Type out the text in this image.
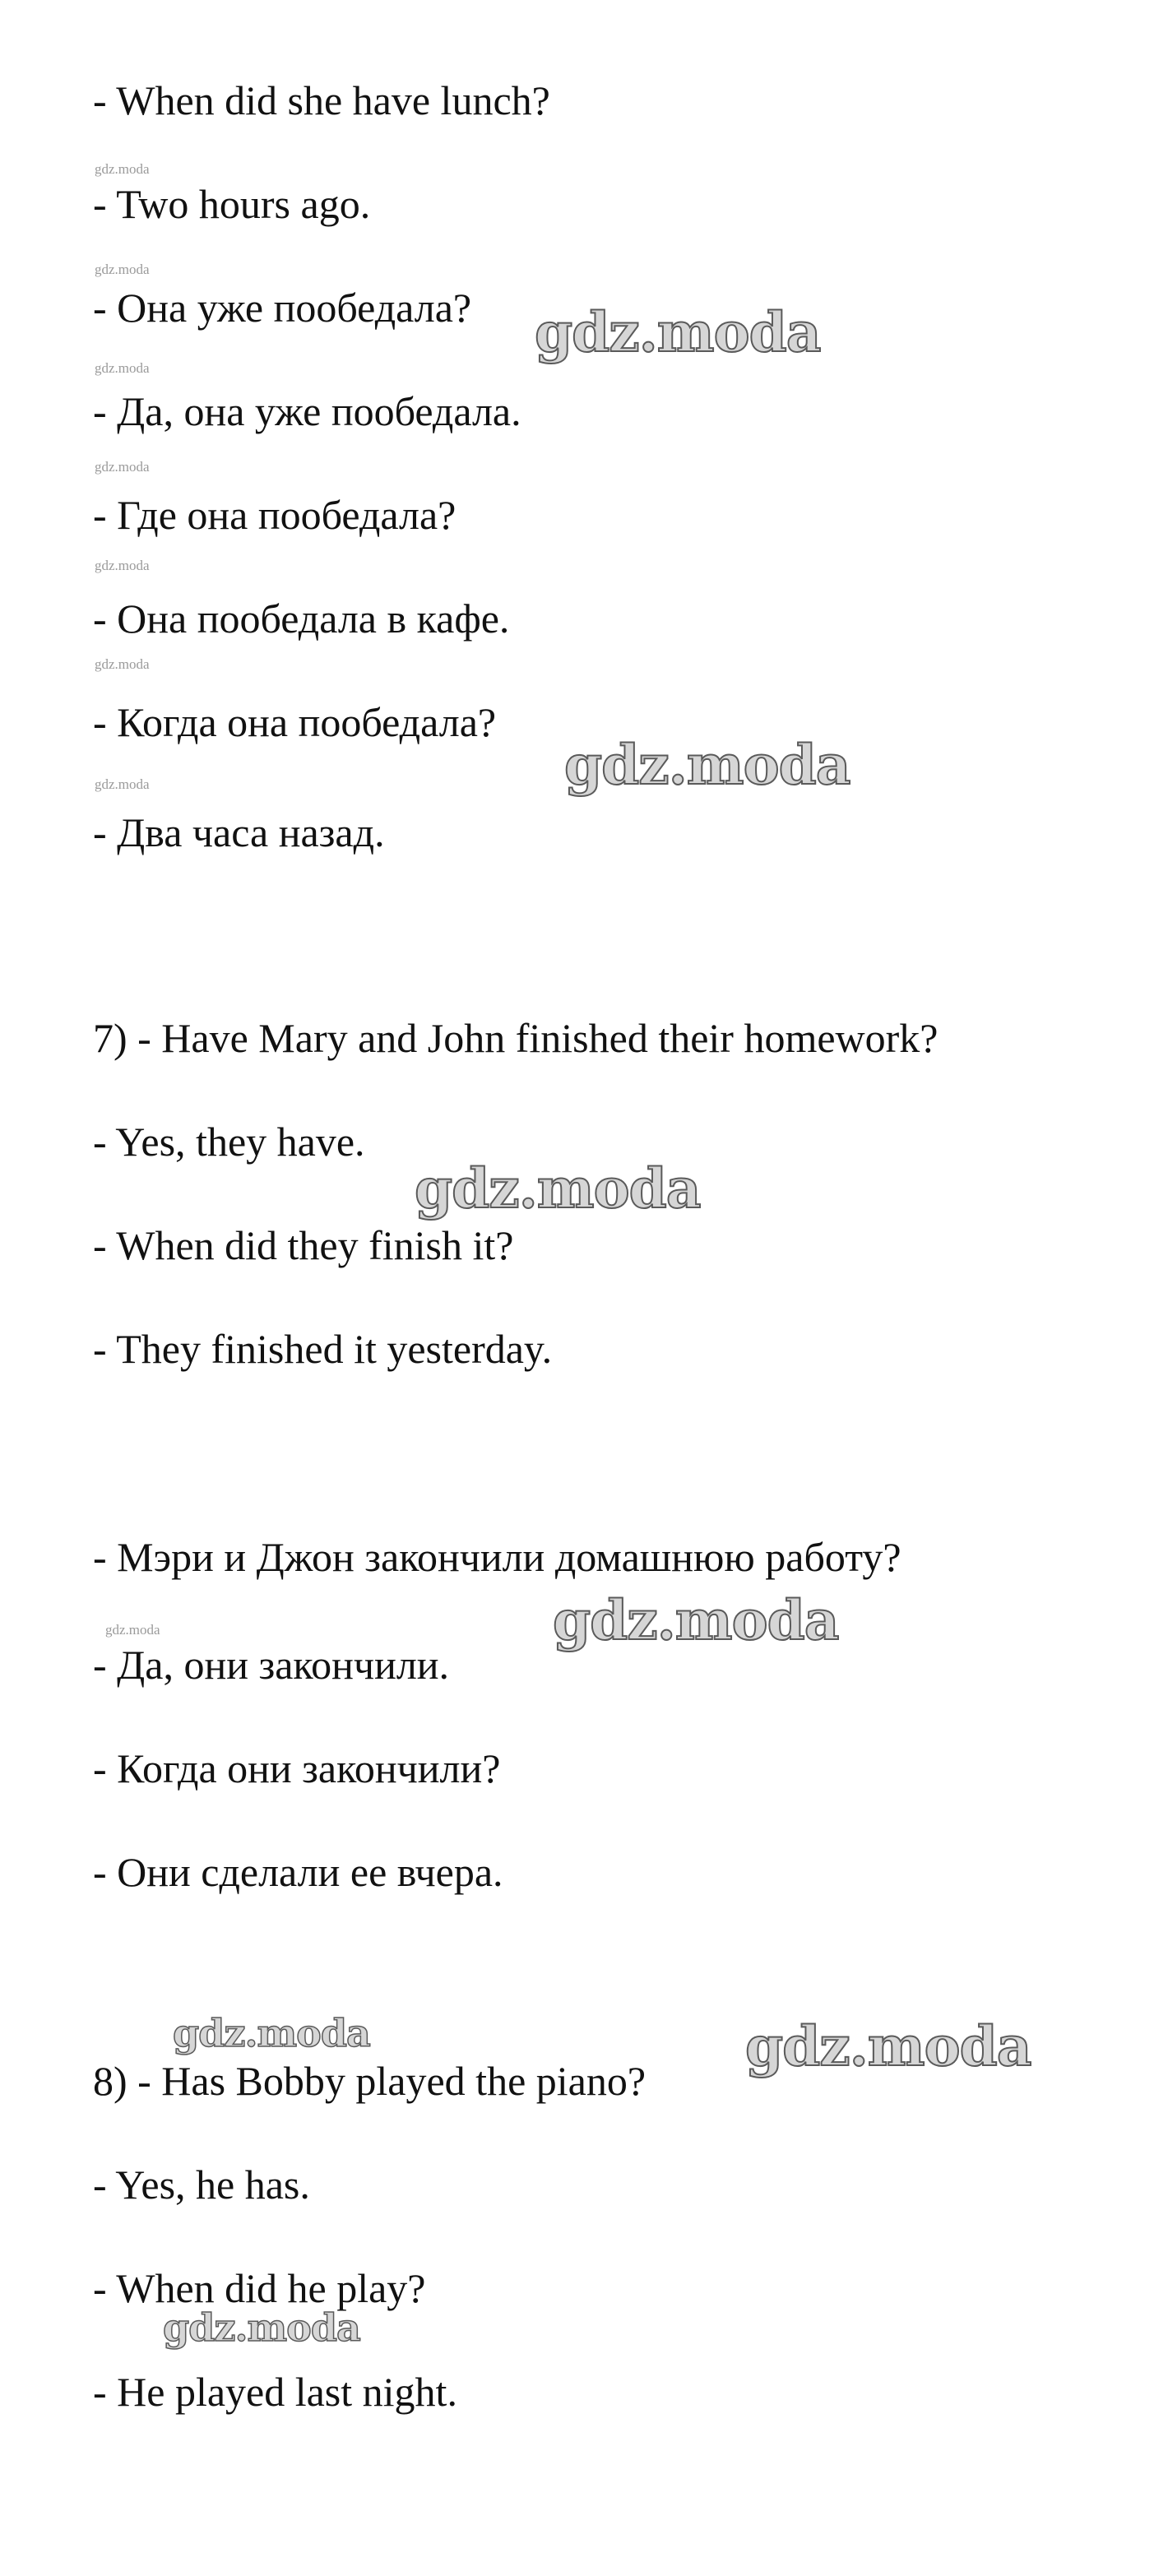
- When did she have lunch?
- Two hours ago.
- Она уже пообедала?
- Да, она уже пообедала.
- Где она пообедала?
- Она пообедала в кафе.
- Когда она пообедала?
- Два часа назад.
7) - Have Mary and John finished their homework?
- Yes, they have.
- When did they finish it?
- They finished it yesterday.
- Мэри и Джон закончили домашнюю работу?
- Да, они закончили.
- Когда они закончили?
- Они сделали ее вчера.
8) - Has Bobby played the piano?
- Yes, he has.
- When did he play?
- He played last night.
gdz.moda
gdz.moda
gdz.moda
gdz.moda
gdz.moda
gdz.moda
gdz.moda
gdz.moda
gdz.moda
gdz.moda
gdz.moda
gdz.moda
gdz.moda
gdz.moda
gdz.moda
